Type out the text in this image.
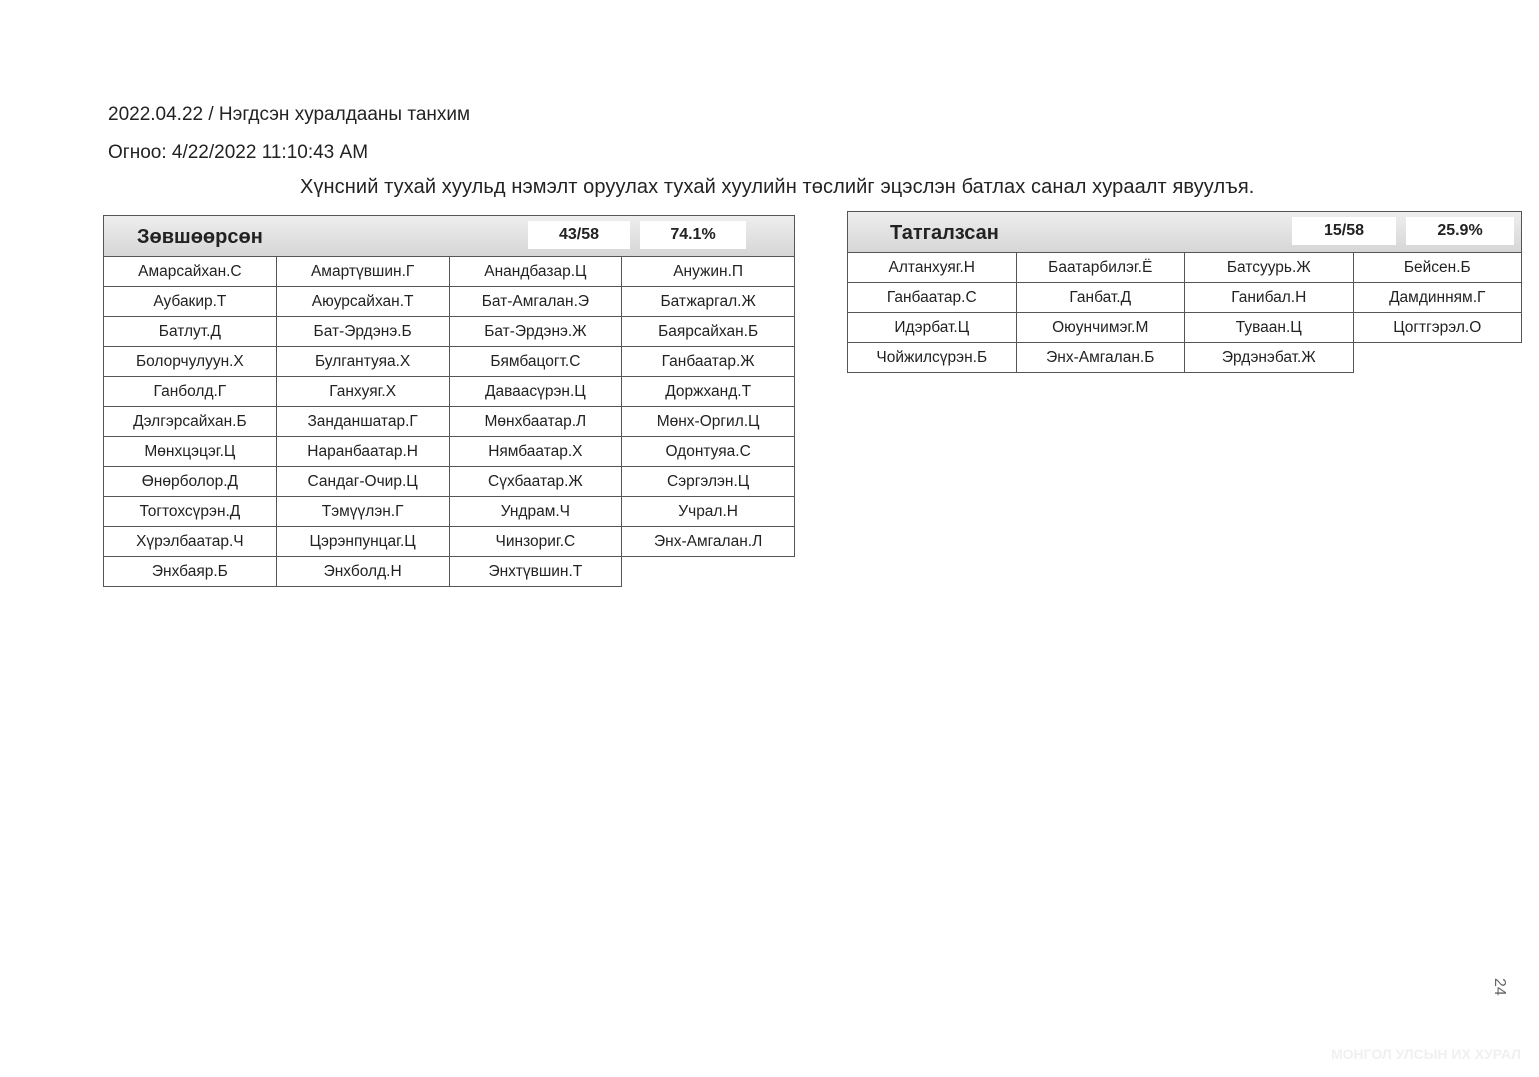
2022.04.22 / Нэгдсэн хуралдааны танхим
Огноо: 4/22/2022 11:10:43 AM
Хүнсний тухай хуульд нэмэлт оруулах тухай хуулийн төслийг эцэслэн батлах санал хураалт явуулъя.
Зөвшөөрсөн	43/58	74.1%
Амарсайхан.С	Амартүвшин.Г	Анандбазар.Ц	Анужин.П
Аубакир.Т	Аюурсайхан.Т	Бат-Амгалан.Э	Батжаргал.Ж
Батлут.Д	Бат-Эрдэнэ.Б	Бат-Эрдэнэ.Ж	Баярсайхан.Б
Болорчулуун.Х	Булгантуяа.Х	Бямбацогт.С	Ганбаатар.Ж
Ганболд.Г	Ганхуяг.Х	Даваасүрэн.Ц	Доржханд.Т
Дэлгэрсайхан.Б	Занданшатар.Г	Мөнхбаатар.Л	Мөнх-Оргил.Ц
Мөнхцэцэг.Ц	Наранбаатар.Н	Нямбаатар.Х	Одонтуяа.С
Өнөрболор.Д	Сандаг-Очир.Ц	Сүхбаатар.Ж	Сэргэлэн.Ц
Тогтохсүрэн.Д	Тэмүүлэн.Г	Ундрам.Ч	Учрал.Н
Хүрэлбаатар.Ч	Цэрэнпунцаг.Ц	Чинзориг.С	Энх-Амгалан.Л
Энхбаяр.Б	Энхболд.Н	Энхтүвшин.Т
Татгалзсан	15/58	25.9%
Алтанхуяг.Н	Баатарбилэг.Ё	Батсуурь.Ж	Бейсен.Б
Ганбаатар.С	Ганбат.Д	Ганибал.Н	Дамдинням.Г
Идэрбат.Ц	Оюунчимэг.М	Туваан.Ц	Цогтгэрэл.О
Чойжилсүрэн.Б	Энх-Амгалан.Б	Эрдэнэбат.Ж
24
МОНГОЛ УЛСЫН ИХ ХУРАЛ
